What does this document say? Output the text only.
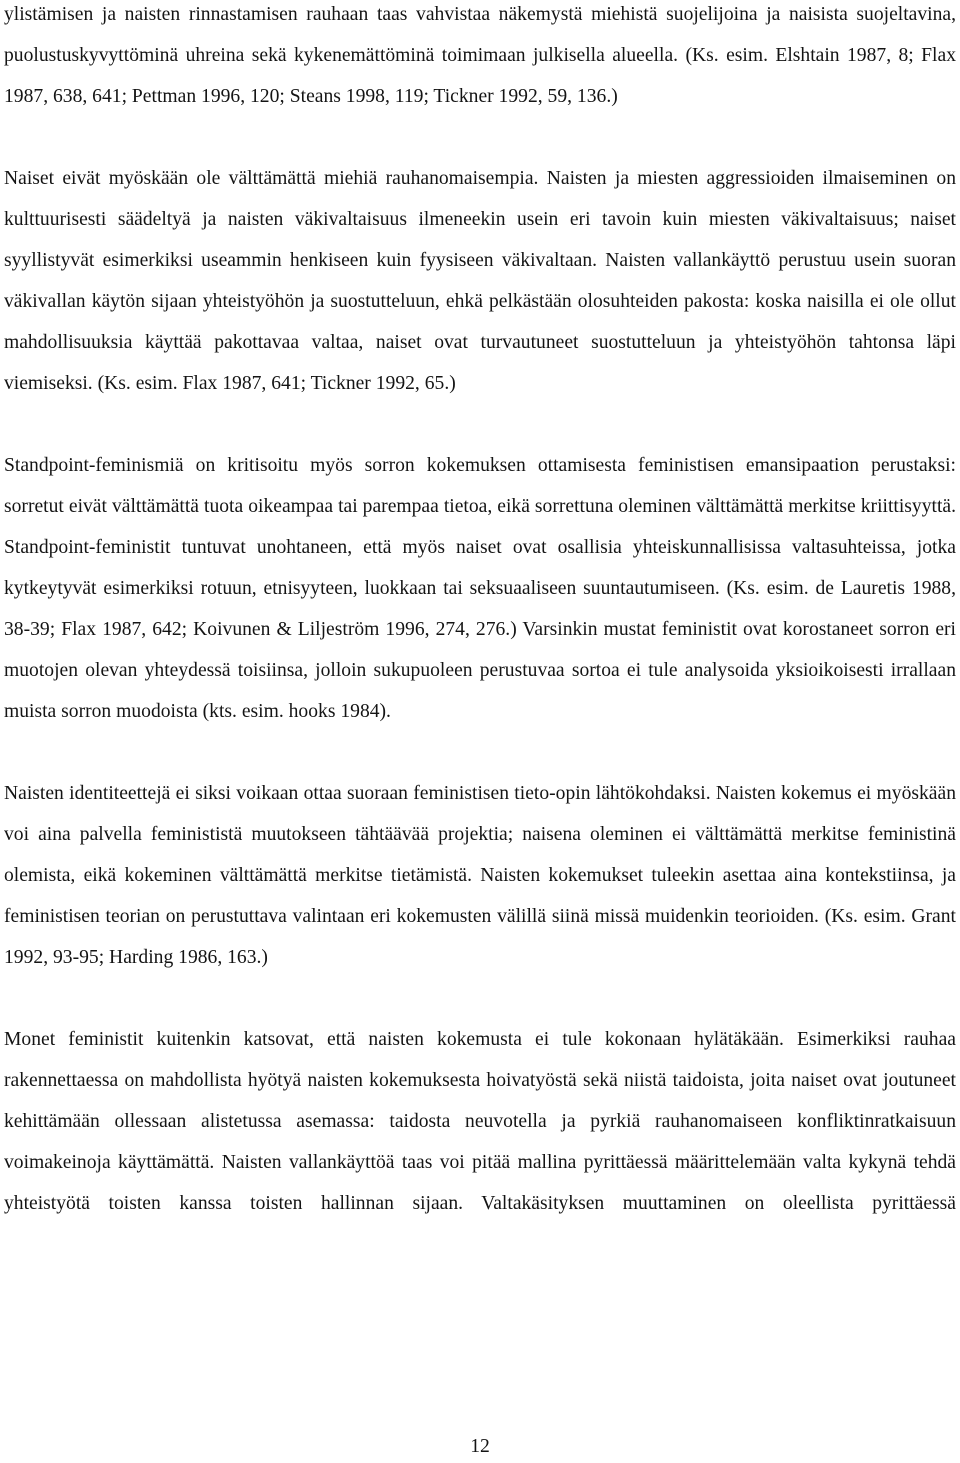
ylistämisen ja naisten rinnastamisen rauhaan taas vahvistaa näkemystä miehistä suojelijoina ja naisista suojeltavina, puolustuskyvyttöminä uhreina sekä kykenemättöminä toimimaan julkisella alueella. (Ks. esim. Elshtain 1987, 8; Flax 1987, 638, 641; Pettman 1996, 120; Steans 1998, 119; Tickner 1992, 59, 136.)

Naiset eivät myöskään ole välttämättä miehiä rauhanomaisempia. Naisten ja miesten aggressioiden ilmaiseminen on kulttuurisesti säädeltyä ja naisten väkivaltaisuus ilmeneekin usein eri tavoin kuin miesten väkivaltaisuus; naiset syyllistyvät esimerkiksi useammin henkiseen kuin fyysiseen väkivaltaan. Naisten vallankäyttö perustuu usein suoran väkivallan käytön sijaan yhteistyöhön ja suostutteluun, ehkä pelkästään olosuhteiden pakosta: koska naisilla ei ole ollut mahdollisuuksia käyttää pakottavaa valtaa, naiset ovat turvautuneet suostutteluun ja yhteistyöhön tahtonsa läpi viemiseksi. (Ks. esim. Flax 1987, 641; Tickner 1992, 65.)

Standpoint-feminismiä on kritisoitu myös sorron kokemuksen ottamisesta feministisen emansipaation perustaksi: sorretut eivät välttämättä tuota oikeampaa tai parempaa tietoa, eikä sorrettuna oleminen välttämättä merkitse kriittisyyttä. Standpoint-feministit tuntuvat unohtaneen, että myös naiset ovat osallisia yhteiskunnallisissa valtasuhteissa, jotka kytkeytyvät esimerkiksi rotuun, etnisyyteen, luokkaan tai seksuaaliseen suuntautumiseen. (Ks. esim. de Lauretis 1988, 38-39; Flax 1987, 642; Koivunen & Liljeström 1996, 274, 276.) Varsinkin mustat feministit ovat korostaneet sorron eri muotojen olevan yhteydessä toisiinsa, jolloin sukupuoleen perustuvaa sortoa ei tule analysoida yksioikoisesti irrallaan muista sorron muodoista (kts. esim. hooks 1984).

Naisten identiteettejä ei siksi voikaan ottaa suoraan feministisen tieto-opin lähtökohdaksi. Naisten kokemus ei myöskään voi aina palvella feminististä muutokseen tähtäävää projektia; naisena oleminen ei välttämättä merkitse feministinä olemista, eikä kokeminen välttämättä merkitse tietämistä. Naisten kokemukset tuleekin asettaa aina kontekstiinsa, ja feministisen teorian on perustuttava valintaan eri kokemusten välillä siinä missä muidenkin teorioiden. (Ks. esim. Grant 1992, 93-95; Harding 1986, 163.)

Monet feministit kuitenkin katsovat, että naisten kokemusta ei tule kokonaan hylätäkään. Esimerkiksi rauhaa rakennettaessa on mahdollista hyötyä naisten kokemuksesta hoivatyöstä sekä niistä taidoista, joita naiset ovat joutuneet kehittämään ollessaan alistetussa asemassa: taidosta neuvotella ja pyrkiä rauhanomaiseen konfliktinratkaisuun voimakeinoja käyttämättä. Naisten vallankäyttöä taas voi pitää mallina pyrittäessä määrittelemään valta kykynä tehdä yhteistyötä toisten kanssa toisten hallinnan sijaan. Valtakäsityksen muuttaminen on oleellista pyrittäessä

12
